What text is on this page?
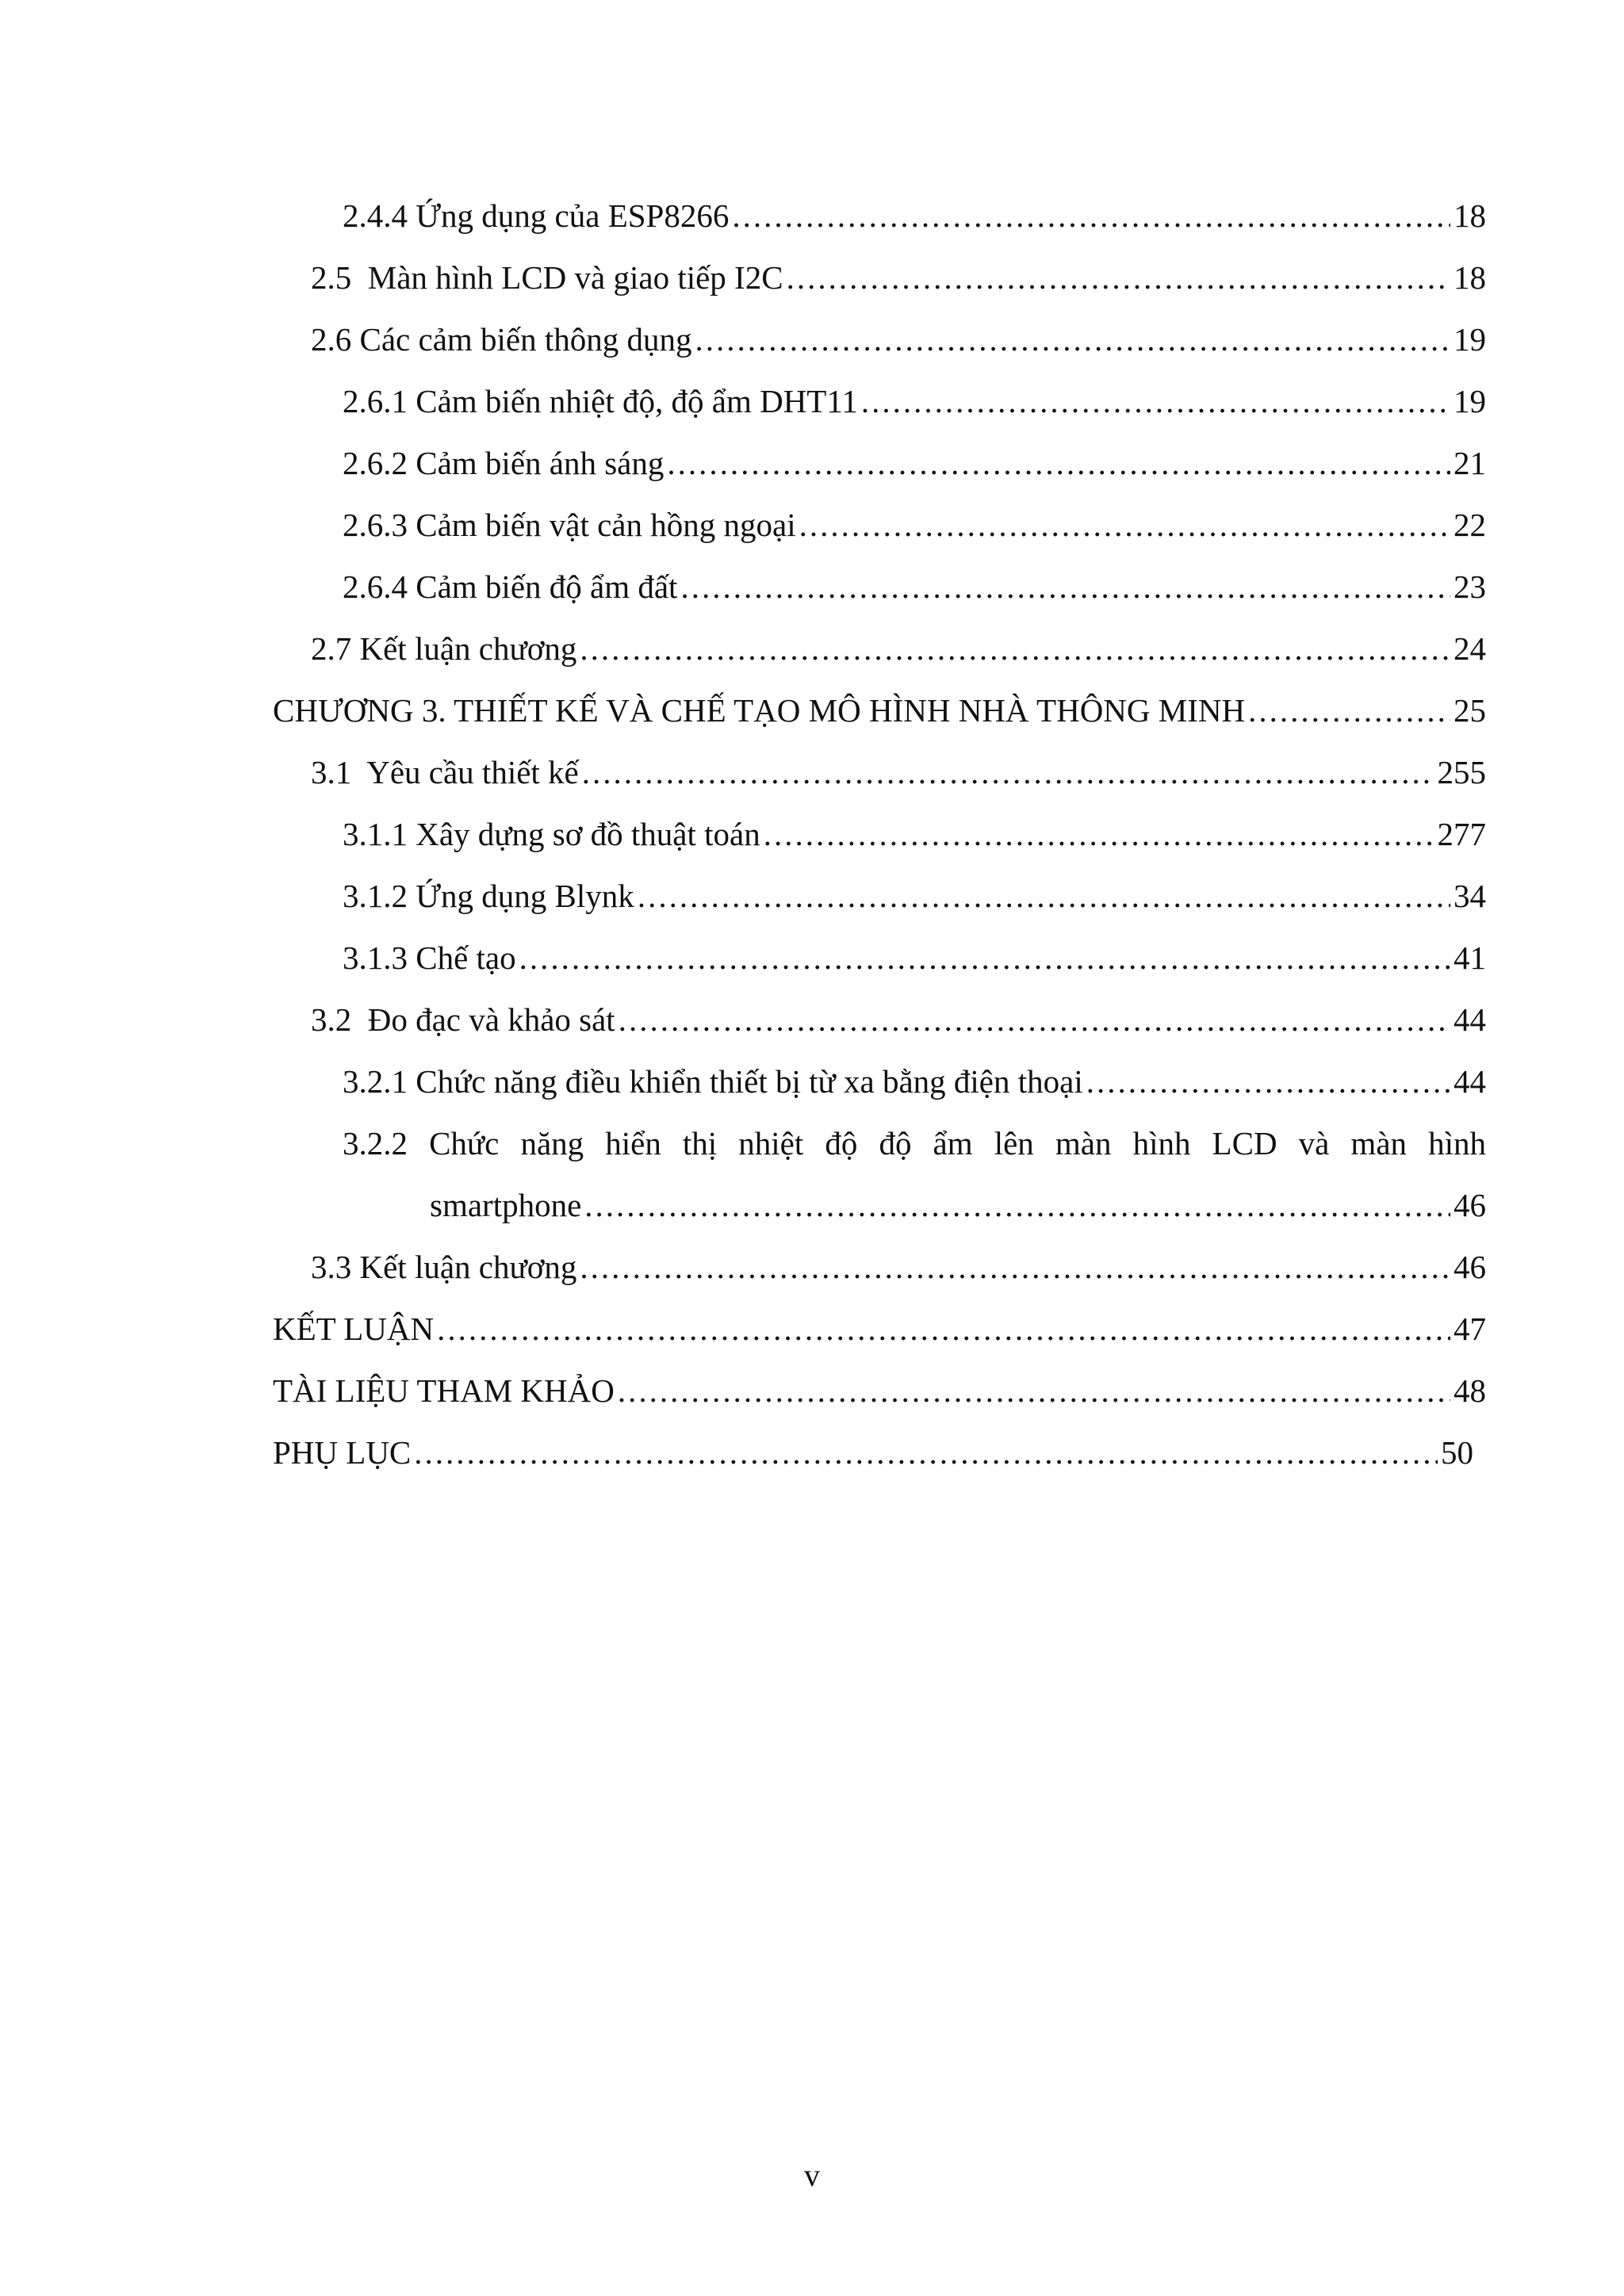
2.4.4 Ứng dụng của ESP8266 .....	18
2.5  Màn hình LCD và giao tiếp I2C .....	18
2.6 Các cảm biến thông dụng .....	19
2.6.1 Cảm biến nhiệt độ, độ ẩm DHT11 .....	19
2.6.2 Cảm biến ánh sáng .....	21
2.6.3 Cảm biến vật cản hồng ngoại .....	22
2.6.4 Cảm biến độ ẩm đất .....	23
2.7 Kết luận chương .....	24
CHƯƠNG 3. THIẾT KẾ VÀ CHẾ TẠO MÔ HÌNH NHÀ THÔNG MINH .....	25
3.1  Yêu cầu thiết kế .....	255
3.1.1 Xây dựng sơ đồ thuật toán .....	277
3.1.2 Ứng dụng Blynk .....	34
3.1.3 Chế tạo .....	41
3.2  Đo đạc và khảo sát .....	44
3.2.1 Chức năng điều khiển thiết bị từ xa bằng điện thoại .....	44
3.2.2 Chức năng hiển thị nhiệt độ độ ẩm lên màn hình LCD và màn hình
smartphone .....	46
3.3 Kết luận chương .....	46
KẾT LUẬN .....	47
TÀI LIỆU THAM KHẢO .....	48
PHỤ LỤC .....	50
v
